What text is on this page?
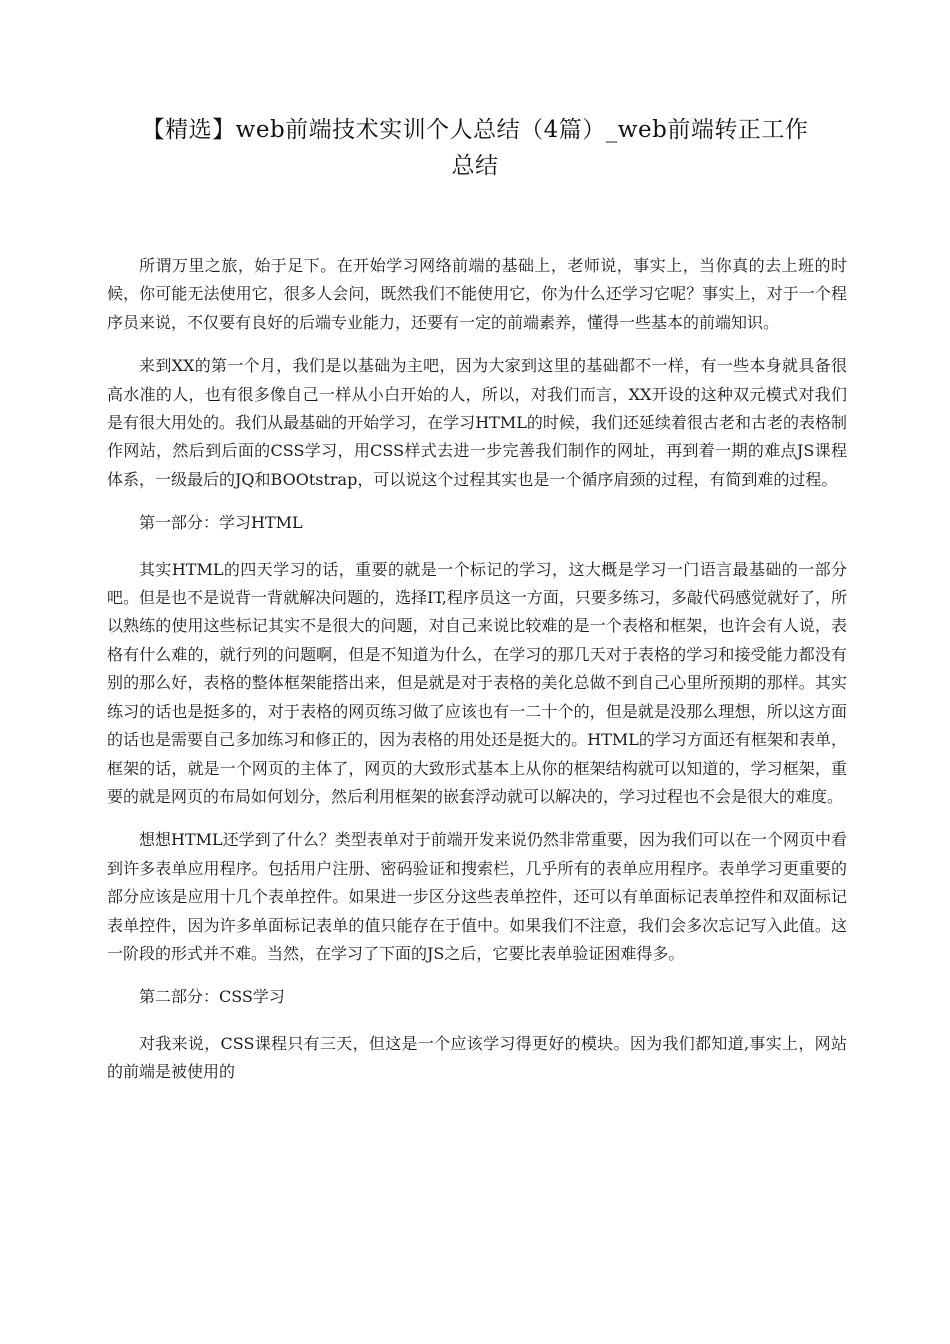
【精选】web前端技术实训个人总结（4篇）_web前端转正工作
总结

所谓万里之旅，始于足下。在开始学习网络前端的基础上，老师说，事实上，当你真的去上班的时候，你可能无法使用它，很多人会问，既然我们不能使用它，你为什么还学习它呢？事实上，对于一个程序员来说，不仅要有良好的后端专业能力，还要有一定的前端素养，懂得一些基本的前端知识。

来到XX的第一个月，我们是以基础为主吧，因为大家到这里的基础都不一样，有一些本身就具备很高水准的人，也有很多像自己一样从小白开始的人，所以，对我们而言，XX开设的这种双元模式对我们是有很大用处的。我们从最基础的开始学习，在学习HTML的时候，我们还延续着很古老和古老的表格制作网站，然后到后面的CSS学习，用CSS样式去进一步完善我们制作的网址，再到着一期的难点JS课程体系，一级最后的JQ和BOOtstrap，可以说这个过程其实也是一个循序肩颈的过程，有简到难的过程。

第一部分：学习HTML

其实HTML的四天学习的话，重要的就是一个标记的学习，这大概是学习一门语言最基础的一部分吧。但是也不是说背一背就解决问题的，选择IT,程序员这一方面，只要多练习，多敲代码感觉就好了，所以熟练的使用这些标记其实不是很大的问题，对自己来说比较难的是一个表格和框架，也许会有人说，表格有什么难的，就行列的问题啊，但是不知道为什么，在学习的那几天对于表格的学习和接受能力都没有别的那么好，表格的整体框架能搭出来，但是就是对于表格的美化总做不到自己心里所预期的那样。其实练习的话也是挺多的，对于表格的网页练习做了应该也有一二十个的，但是就是没那么理想，所以这方面的话也是需要自己多加练习和修正的，因为表格的用处还是挺大的。HTML的学习方面还有框架和表单，框架的话，就是一个网页的主体了，网页的大致形式基本上从你的框架结构就可以知道的，学习框架，重要的就是网页的布局如何划分，然后利用框架的嵌套浮动就可以解决的，学习过程也不会是很大的难度。

想想HTML还学到了什么？类型表单对于前端开发来说仍然非常重要，因为我们可以在一个网页中看到许多表单应用程序。包括用户注册、密码验证和搜索栏，几乎所有的表单应用程序。表单学习更重要的部分应该是应用十几个表单控件。如果进一步区分这些表单控件，还可以有单面标记表单控件和双面标记表单控件，因为许多单面标记表单的值只能存在于值中。如果我们不注意，我们会多次忘记写入此值。这一阶段的形式并不难。当然，在学习了下面的JS之后，它要比表单验证困难得多。

第二部分：CSS学习

对我来说，CSS课程只有三天，但这是一个应该学习得更好的模块。因为我们都知道,事实上，网站的前端是被使用的
